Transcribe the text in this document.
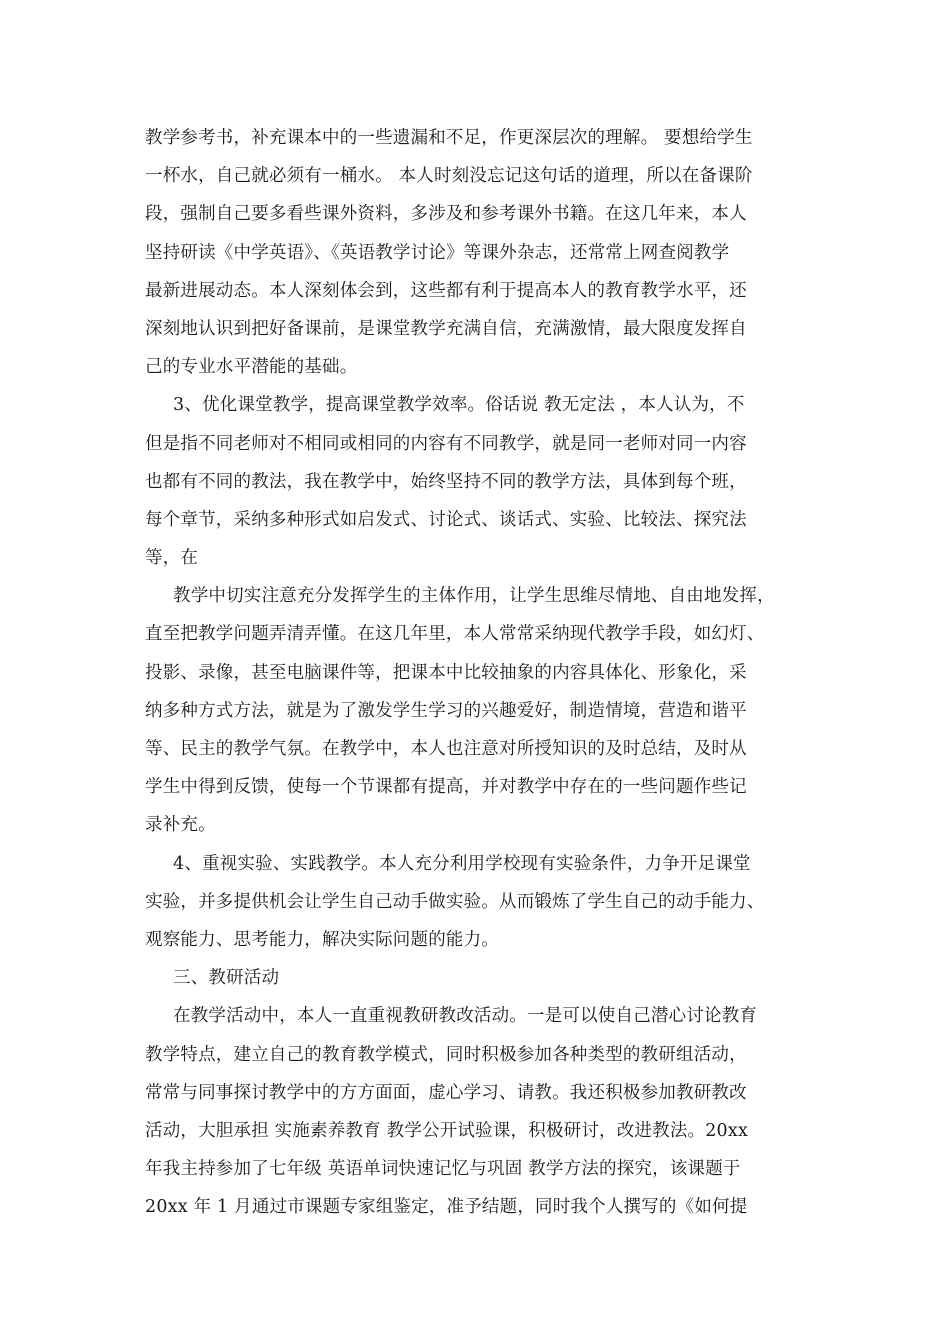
教学参考书，补充课本中的一些遗漏和不足，作更深层次的理解。 要想给学生
一杯水，自己就必须有一桶水。 本人时刻没忘记这句话的道理，所以在备课阶
段，强制自己要多看些课外资料，多涉及和参考课外书籍。在这几年来，本人
坚持研读《中学英语》、《英语教学讨论》等课外杂志，还常常上网查阅教学
最新进展动态。本人深刻体会到，这些都有利于提高本人的教育教学水平，还
深刻地认识到把好备课前，是课堂教学充满自信，充满激情，最大限度发挥自
己的专业水平潜能的基础。
3、优化课堂教学，提高课堂教学效率。俗话说 教无定法 ，本人认为，不
但是指不同老师对不相同或相同的内容有不同教学，就是同一老师对同一内容
也都有不同的教法，我在教学中，始终坚持不同的教学方法，具体到每个班，
每个章节，采纳多种形式如启发式、讨论式、谈话式、实验、比较法、探究法
等，在
教学中切实注意充分发挥学生的主体作用，让学生思维尽情地、自由地发挥，
直至把教学问题弄清弄懂。在这几年里，本人常常采纳现代教学手段，如幻灯、
投影、录像，甚至电脑课件等，把课本中比较抽象的内容具体化、形象化，采
纳多种方式方法，就是为了激发学生学习的兴趣爱好，制造情境，营造和谐平
等、民主的教学气氛。在教学中，本人也注意对所授知识的及时总结，及时从
学生中得到反馈，使每一个节课都有提高，并对教学中存在的一些问题作些记
录补充。
4、重视实验、实践教学。本人充分利用学校现有实验条件，力争开足课堂
实验，并多提供机会让学生自己动手做实验。从而锻炼了学生自己的动手能力、
观察能力、思考能力，解决实际问题的能力。
三、教研活动
在教学活动中，本人一直重视教研教改活动。一是可以使自己潜心讨论教育
教学特点，建立自己的教育教学模式，同时积极参加各种类型的教研组活动，
常常与同事探讨教学中的方方面面，虚心学习、请教。我还积极参加教研教改
活动，大胆承担 实施素养教育 教学公开试验课，积极研讨，改进教法。20xx
年我主持参加了七年级 英语单词快速记忆与巩固 教学方法的探究，该课题于
20xx 年 1 月通过市课题专家组鉴定，准予结题，同时我个人撰写的《如何提
